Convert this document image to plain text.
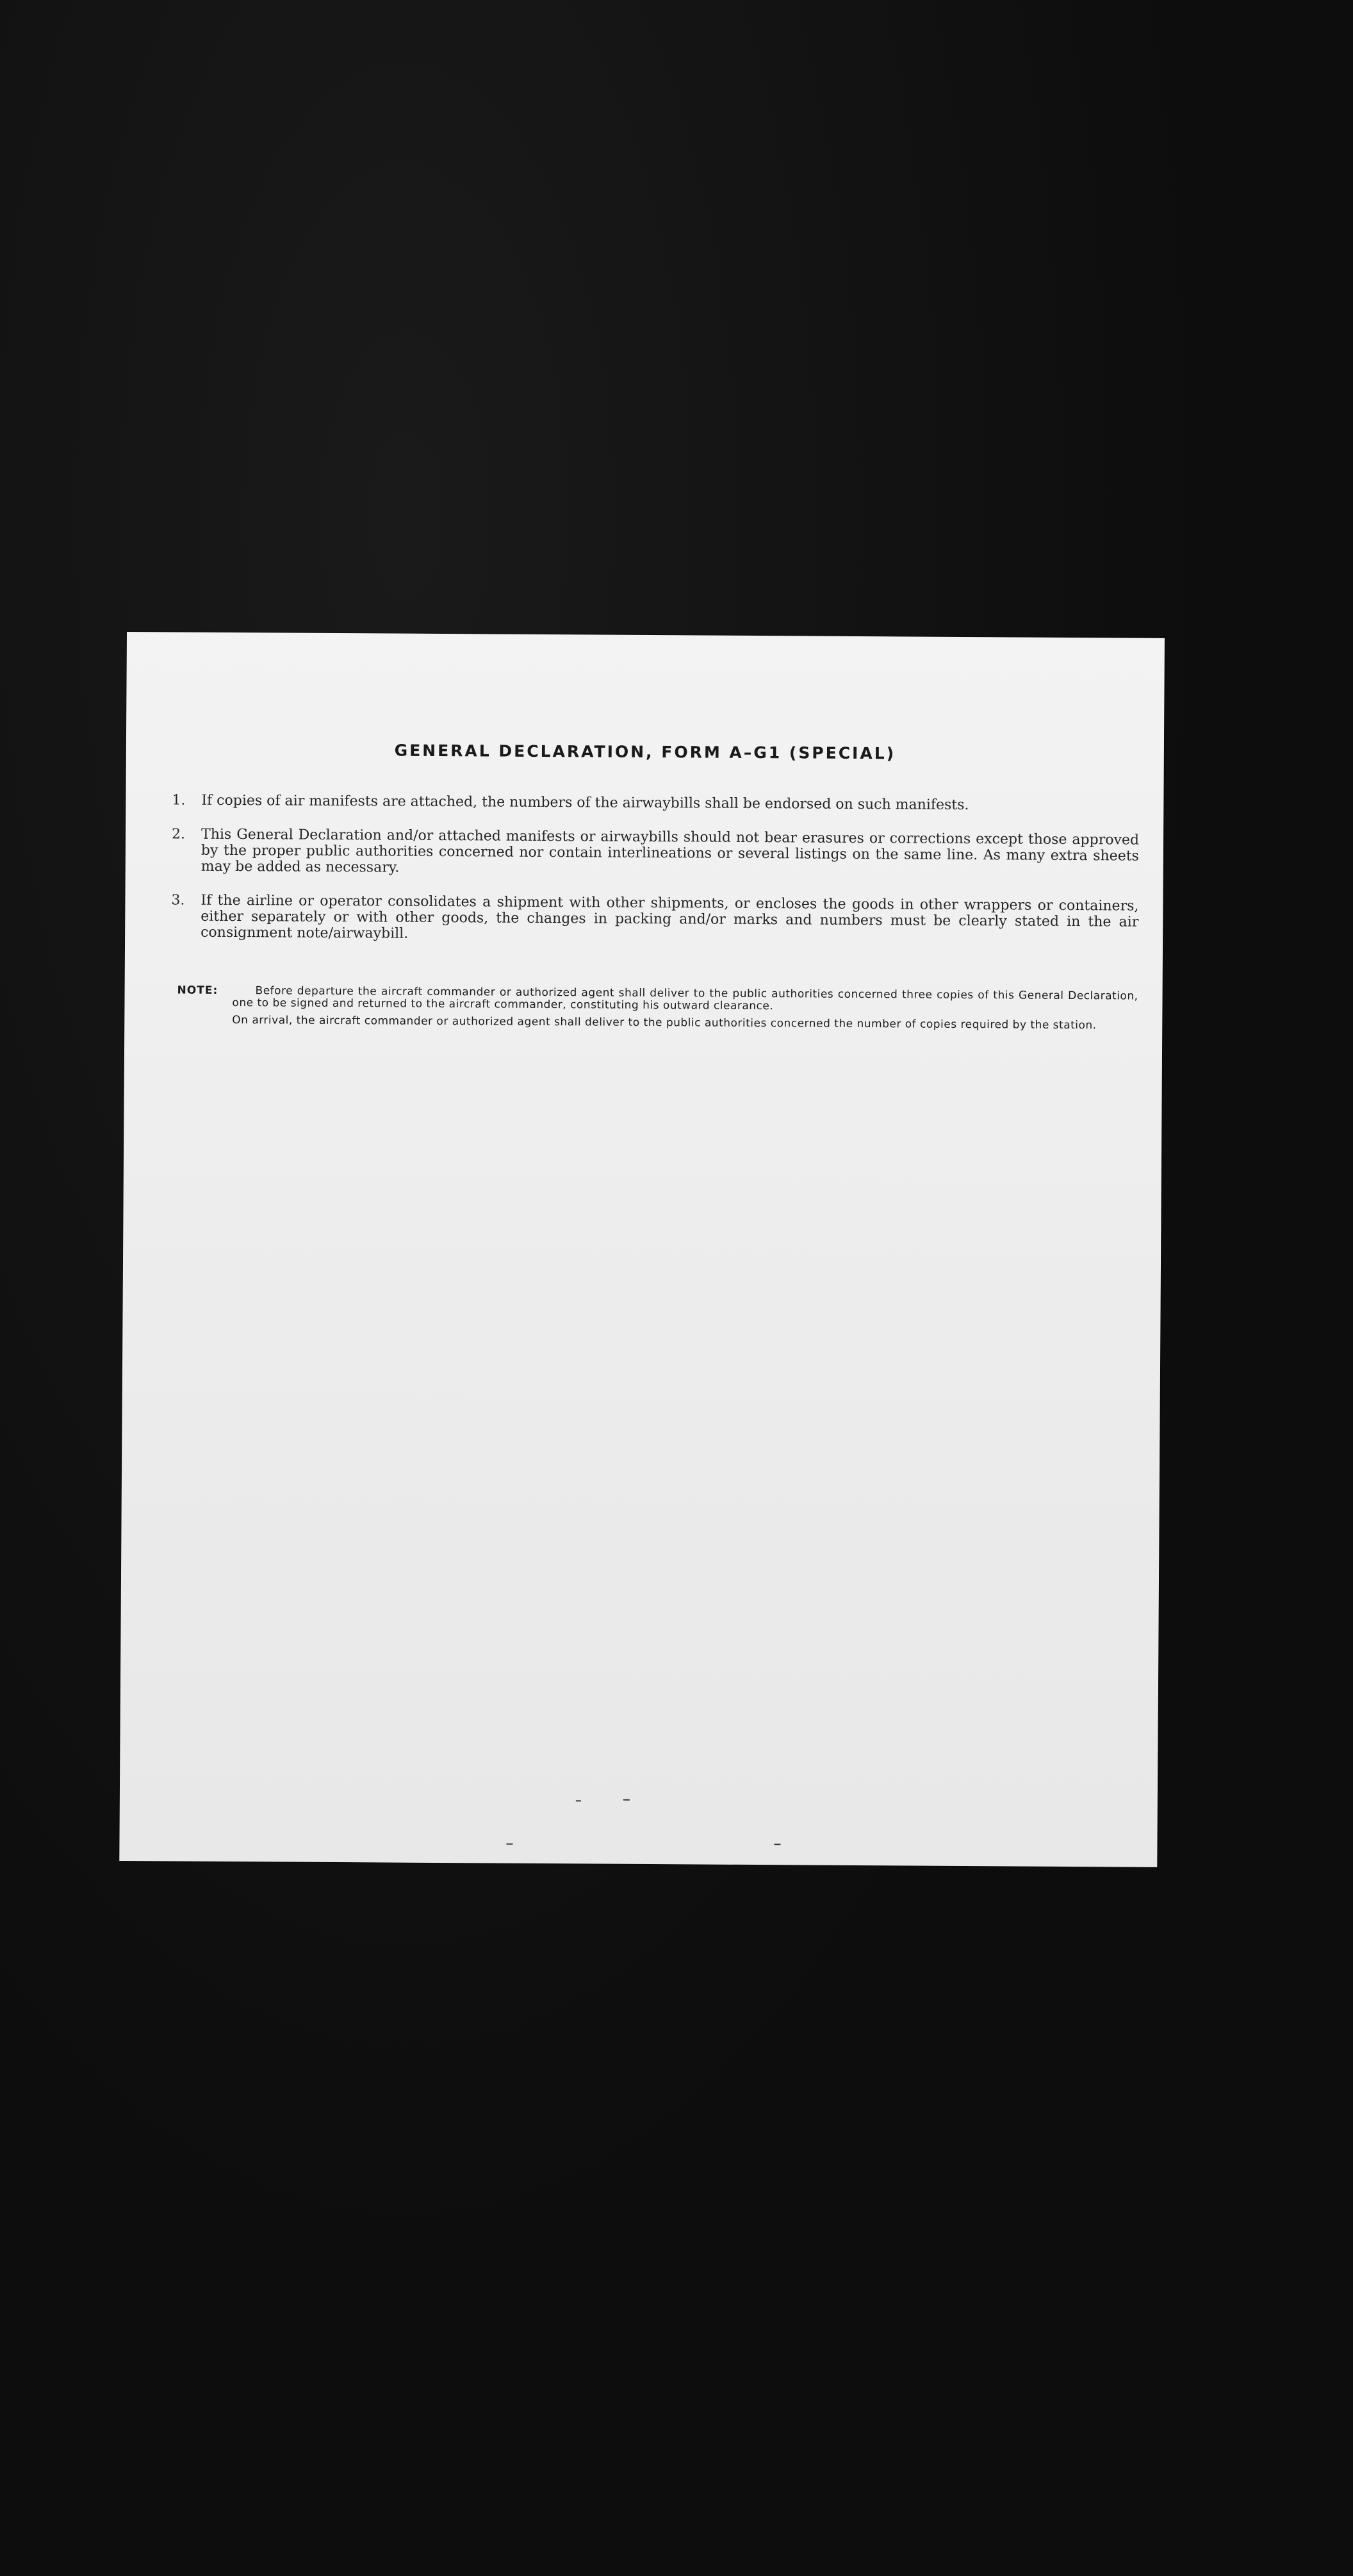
GENERAL DECLARATION, FORM A–G1 (SPECIAL)
1.	If copies of air manifests are attached, the numbers of the airwaybills shall be endorsed on such manifests.
2.	This General Declaration and/or attached manifests or airwaybills should not bear erasures or corrections except those approved by the proper public authorities concerned nor contain interlineations or several listings on the same line. As many extra sheets may be added as necessary.
3.	If the airline or operator consolidates a shipment with other shipments, or encloses the goods in other wrappers or containers, either separately or with other goods, the changes in packing and/or marks and numbers must be clearly stated in the air consignment note/airwaybill.
NOTE:	Before departure the aircraft commander or authorized agent shall deliver to the public authorities concerned three copies of this General Declaration, one to be signed and returned to the aircraft commander, constituting his outward clearance.

On arrival, the aircraft commander or authorized agent shall deliver to the public authorities concerned the number of copies required by the station.
